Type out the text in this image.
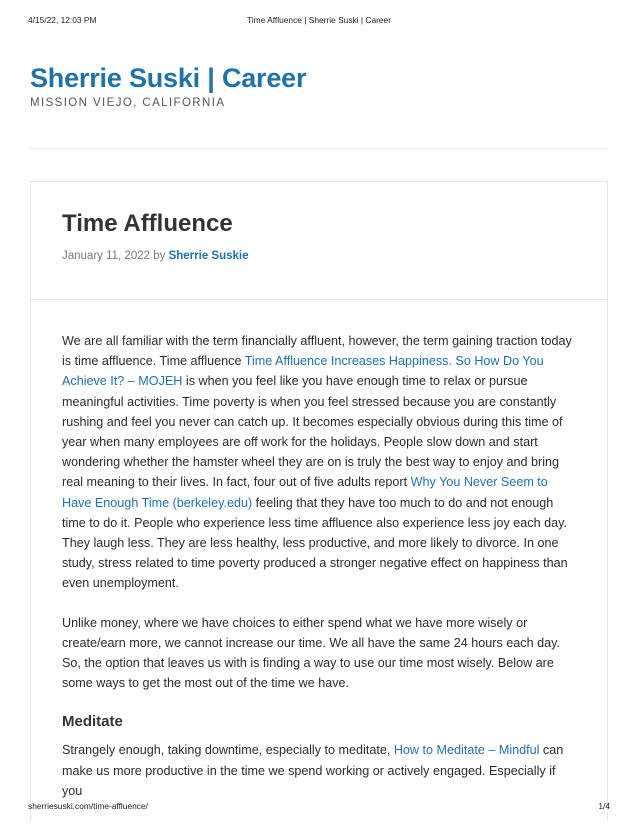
4/15/22, 12:03 PM	Time Affluence | Sherrie Suski | Career
Sherrie Suski | Career
MISSION VIEJO, CALIFORNIA
Time Affluence
January 11, 2022 by Sherrie Suskie

We are all familiar with the term financially affluent, however, the term gaining traction today is time affluence. Time affluence Time Affluence Increases Happiness. So How Do You Achieve It? – MOJEH is when you feel like you have enough time to relax or pursue meaningful activities. Time poverty is when you feel stressed because you are constantly rushing and feel you never can catch up. It becomes especially obvious during this time of year when many employees are off work for the holidays. People slow down and start wondering whether the hamster wheel they are on is truly the best way to enjoy and bring real meaning to their lives. In fact, four out of five adults report Why You Never Seem to Have Enough Time (berkeley.edu) feeling that they have too much to do and not enough time to do it. People who experience less time affluence also experience less joy each day. They laugh less. They are less healthy, less productive, and more likely to divorce. In one study, stress related to time poverty produced a stronger negative effect on happiness than even unemployment.

Unlike money, where we have choices to either spend what we have more wisely or create/earn more, we cannot increase our time. We all have the same 24 hours each day. So, the option that leaves us with is finding a way to use our time most wisely. Below are some ways to get the most out of the time we have.

Meditate

Strangely enough, taking downtime, especially to meditate, How to Meditate – Mindful can make us more productive in the time we spend working or actively engaged. Especially if you

sherriesuski.com/time-affluence/	1/4
